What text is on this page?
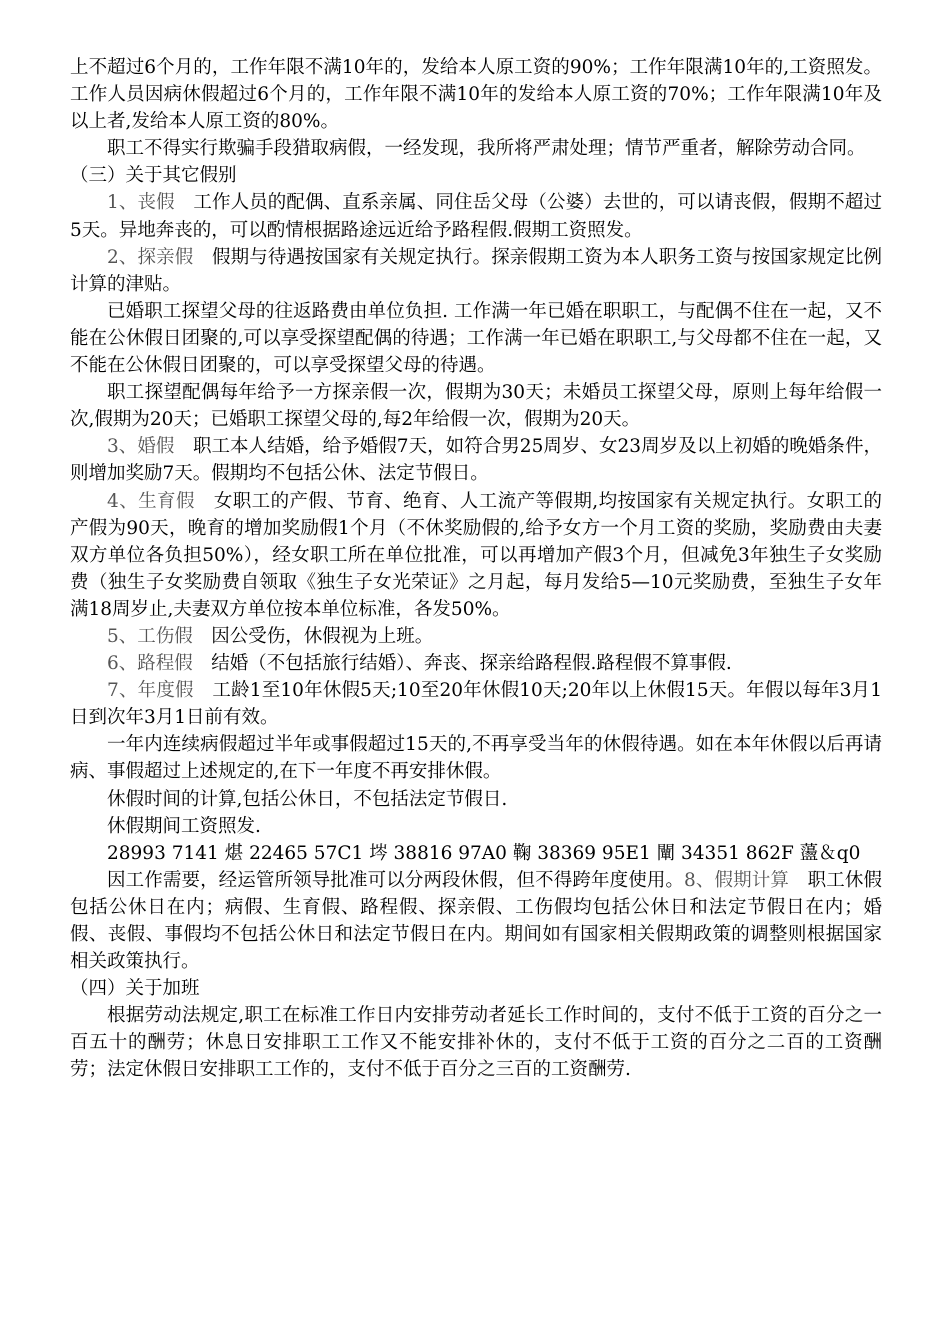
上不超过6个月的，工作年限不满10年的，发给本人原工资的90%；工作年限满10年的,工资照发。工作人员因病休假超过6个月的，工作年限不满10年的发给本人原工资的70%；工作年限满10年及以上者,发给本人原工资的80%。

职工不得实行欺骗手段猎取病假，一经发现，我所将严肃处理；情节严重者，解除劳动合同。

（三）关于其它假别

1、丧假　工作人员的配偶、直系亲属、同住岳父母（公婆）去世的，可以请丧假，假期不超过5天。异地奔丧的，可以酌情根据路途远近给予路程假.假期工资照发。

2、探亲假　假期与待遇按国家有关规定执行。探亲假期工资为本人职务工资与按国家规定比例计算的津贴。

已婚职工探望父母的往返路费由单位负担. 工作满一年已婚在职职工，与配偶不住在一起，又不能在公休假日团聚的,可以享受探望配偶的待遇；工作满一年已婚在职职工,与父母都不住在一起，又不能在公休假日团聚的，可以享受探望父母的待遇。

职工探望配偶每年给予一方探亲假一次，假期为30天；未婚员工探望父母，原则上每年给假一次,假期为20天；已婚职工探望父母的,每2年给假一次，假期为20天。

3、婚假　职工本人结婚，给予婚假7天，如符合男25周岁、女23周岁及以上初婚的晚婚条件，则增加奖励7天。假期均不包括公休、法定节假日。

4、生育假　女职工的产假、节育、绝育、人工流产等假期,均按国家有关规定执行。女职工的产假为90天，晚育的增加奖励假1个月（不休奖励假的,给予女方一个月工资的奖励，奖励费由夫妻双方单位各负担50%），经女职工所在单位批准，可以再增加产假3个月，但减免3年独生子女奖励费（独生子女奖励费自领取《独生子女光荣证》之月起，每月发给5—10元奖励费，至独生子女年满18周岁止,夫妻双方单位按本单位标准，各发50%。

5、工伤假　因公受伤，休假视为上班。

6、路程假　结婚（不包括旅行结婚）、奔丧、探亲给路程假.路程假不算事假.

7、年度假　工龄1至10年休假5天;10至20年休假10天;20年以上休假15天。年假以每年3月1日到次年3月1日前有效。

一年内连续病假超过半年或事假超过15天的,不再享受当年的休假待遇。如在本年休假以后再请病、事假超过上述规定的,在下一年度不再安排休假。

休假时间的计算,包括公休日，不包括法定节假日.

休假期间工资照发.

28993 7141 煁 22465 57C1 埁 38816 97A0 鞠 38369 95E1 闡 34351 862F 蘯＆q0

因工作需要，经运管所领导批准可以分两段休假，但不得跨年度使用。8、假期计算　职工休假包括公休日在内；病假、生育假、路程假、探亲假、工伤假均包括公休日和法定节假日在内；婚假、丧假、事假均不包括公休日和法定节假日在内。期间如有国家相关假期政策的调整则根据国家相关政策执行。

（四）关于加班

根据劳动法规定,职工在标准工作日内安排劳动者延长工作时间的，支付不低于工资的百分之一百五十的酬劳；休息日安排职工工作又不能安排补休的，支付不低于工资的百分之二百的工资酬劳；法定休假日安排职工工作的，支付不低于百分之三百的工资酬劳.
